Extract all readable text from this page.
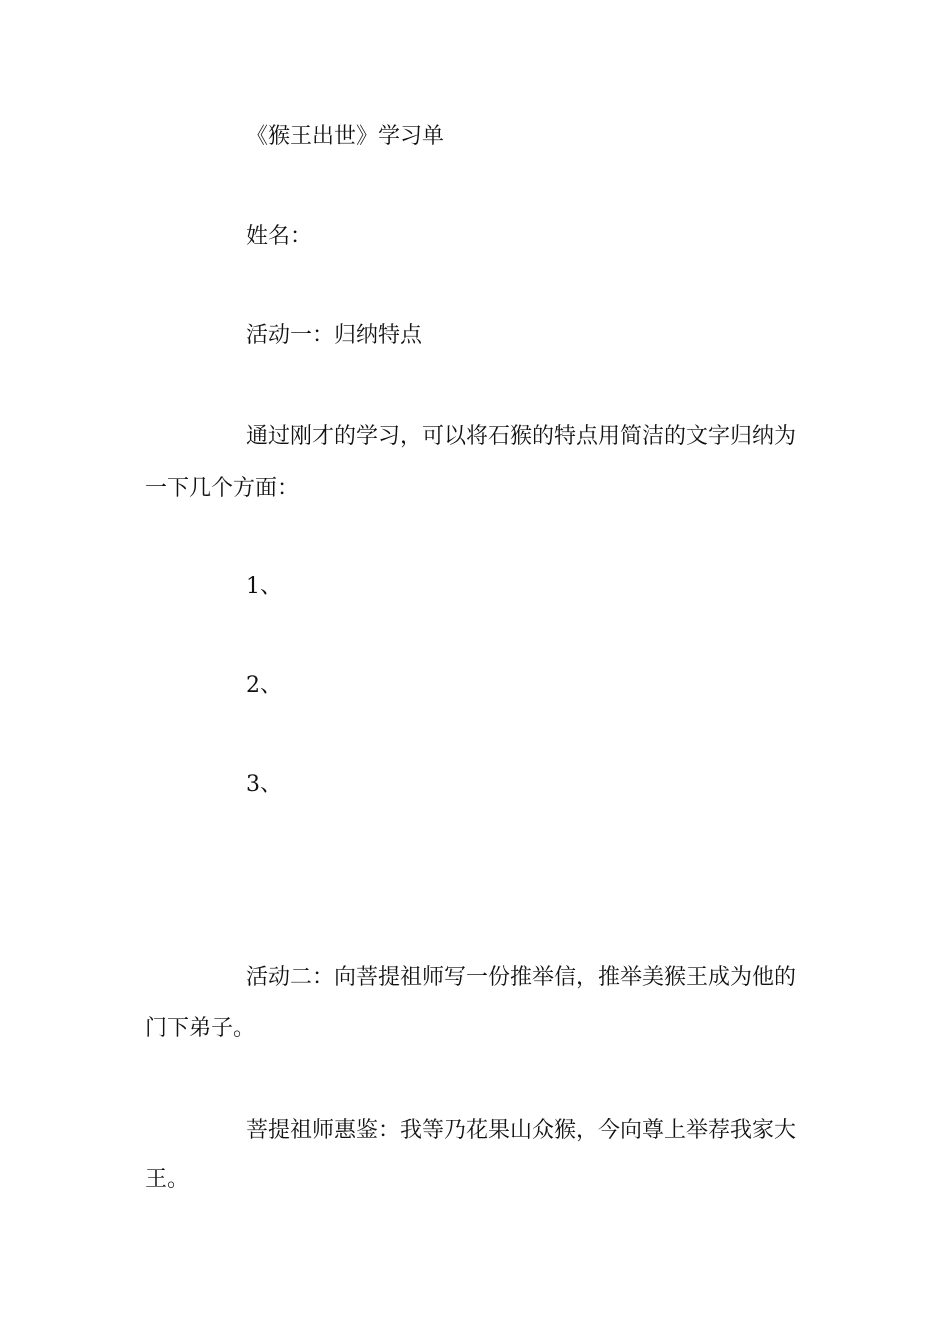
《猴王出世》学习单

姓名：

活动一：归纳特点

通过刚才的学习，可以将石猴的特点用简洁的文字归纳为

一下几个方面：

1、

2、

3、

活动二：向菩提祖师写一份推举信，推举美猴王成为他的

门下弟子。

菩提祖师惠鉴：我等乃花果山众猴，今向尊上举荐我家大

王。
